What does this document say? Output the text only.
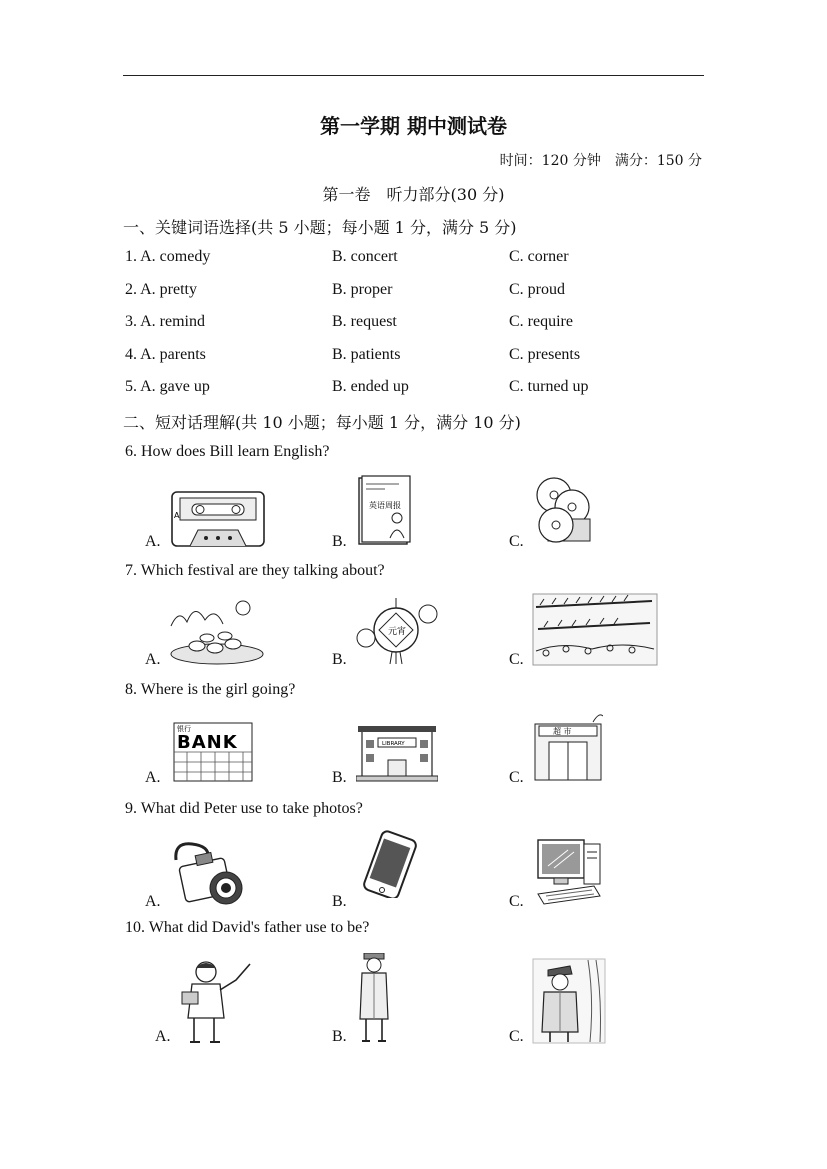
第一学期 期中测试卷
时间：120 分钟　满分：150 分
第一卷　听力部分(30 分)
一、关键词语选择(共 5 小题；每小题 1 分，满分 5 分)
1. A. comedy	B. concert	C. corner
2. A. pretty	B. proper	C. proud
3. A. remind	B. request	C. require
4. A. parents	B. patients	C. presents
5. A. gave up	B. ended up	C. turned up
二、短对话理解(共 10 小题；每小题 1 分，满分 10 分)
6. How does Bill learn English?
A.	B.	C.
A
英语周报
7. Which festival are they talking about?
A.	B.	C.
元宵
8. Where is the girl going?
A.	B.	C.
银行
BANK	LIBRARY
超 市
9. What did Peter use to take photos?
A.	B.	C.
10. What did David's father use to be?
A.	B.	C.
